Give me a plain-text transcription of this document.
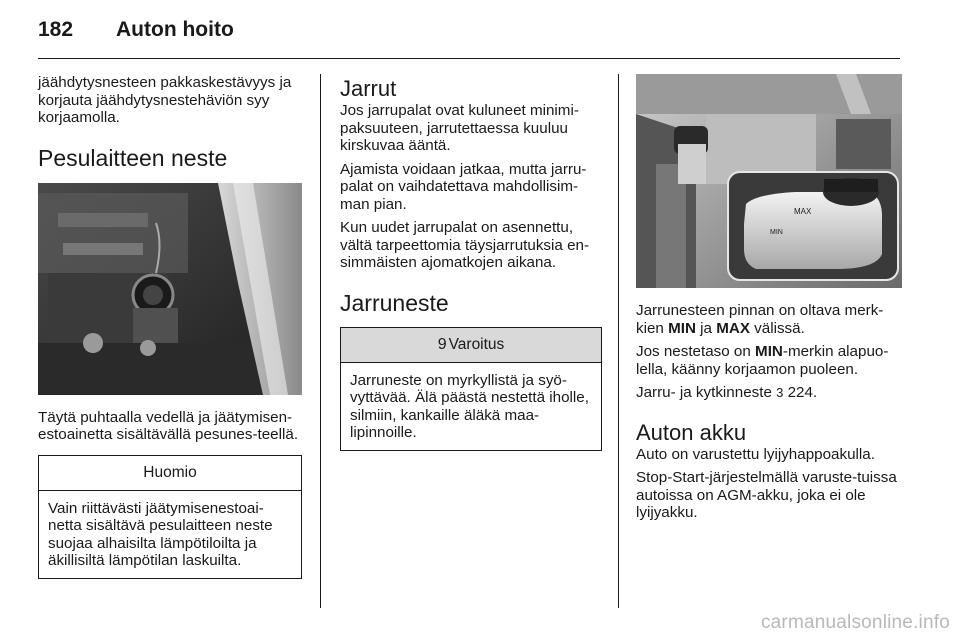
182 Auton hoito

jäähdytysnesteen pakkaskestävyys ja korjauta jäähdytysnestehäviön syy korjaamolla.

Pesulaitteen neste

Täytä puhtaalla vedellä ja jäätymisen-estoainetta sisältävällä pesunes-teellä.

Huomio

Vain riittävästi jäätymisenestoai-netta sisältävä pesulaitteen neste suojaa alhaisilta lämpötiloilta ja äkillisiltä lämpötilan laskuilta.

Jarrut

Jos jarrupalat ovat kuluneet minimi-paksuuteen, jarrutettaessa kuuluu kirskuvaa ääntä.

Ajamista voidaan jatkaa, mutta jarru-palat on vaihdatettava mahdollisim-man pian.

Kun uudet jarrupalat on asennettu, vältä tarpeettomia täysjarrutuksia en-simmäisten ajomatkojen aikana.

Jarruneste
9 Varoitus

Jarruneste on myrkyllistä ja syö-vyttävää. Älä päästä nestettä iholle, silmiin, kankaille äläkä maa-lipinnoille.

MAX
MIN

Jarrunesteen pinnan on oltava merk-kien MIN ja MAX välissä.

Jos nestetaso on MIN-merkin alapuo-lella, käänny korjaamon puoleen.

Jarru- ja kytkinneste 3 224.

Auton akku

Auto on varustettu lyijyhappoakulla.

Stop-Start-järjestelmällä varuste-tuissa autoissa on AGM-akku, joka ei ole lyijyakku.

carmanualsonline.info
